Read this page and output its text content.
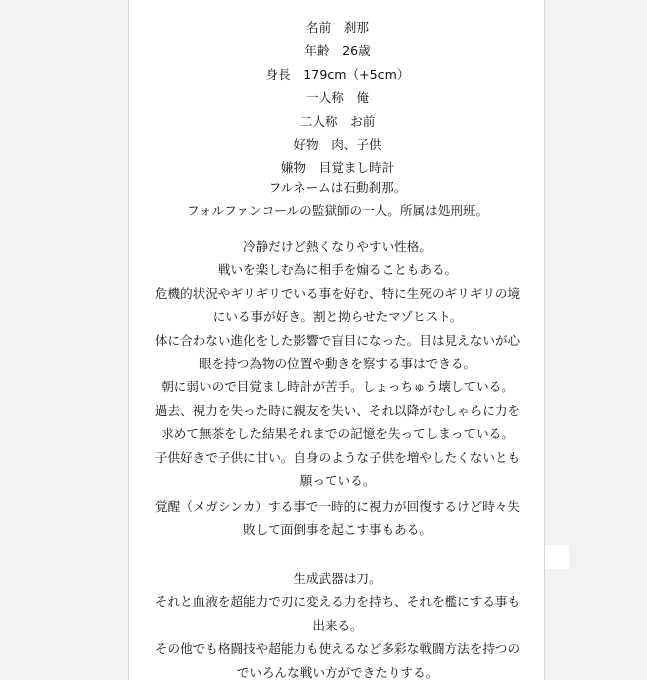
名前　刹那
年齢　26歳
身長　179cm（+5cm）
一人称　俺
二人称　お前
好物　肉、子供
嫌物　目覚まし時計
フルネームは石動刹那。
フォルファンコールの監獄師の一人。所属は処刑班。
冷静だけど熱くなりやすい性格。
戦いを楽しむ為に相手を煽ることもある。
危機的状況やギリギリでいる事を好む、特に生死のギリギリの境
にいる事が好き。割と拗らせたマゾヒスト。
体に合わない進化をした影響で盲目になった。目は見えないが心
眼を持つ為物の位置や動きを察する事はできる。
朝に弱いので目覚まし時計が苦手。しょっちゅう壊している。
過去、視力を失った時に親友を失い、それ以降がむしゃらに力を
求めて無茶をした結果それまでの記憶を失ってしまっている。
子供好きで子供に甘い。自身のような子供を増やしたくないとも
願っている。
覚醒（メガシンカ）する事で一時的に視力が回復するけど時々失
敗して面倒事を起こす事もある。
生成武器は刀。
それと血液を超能力で刃に変える力を持ち、それを檻にする事も
出来る。
その他でも格闘技や超能力も使えるなど多彩な戦闘方法を持つの
でいろんな戦い方ができたりする。
